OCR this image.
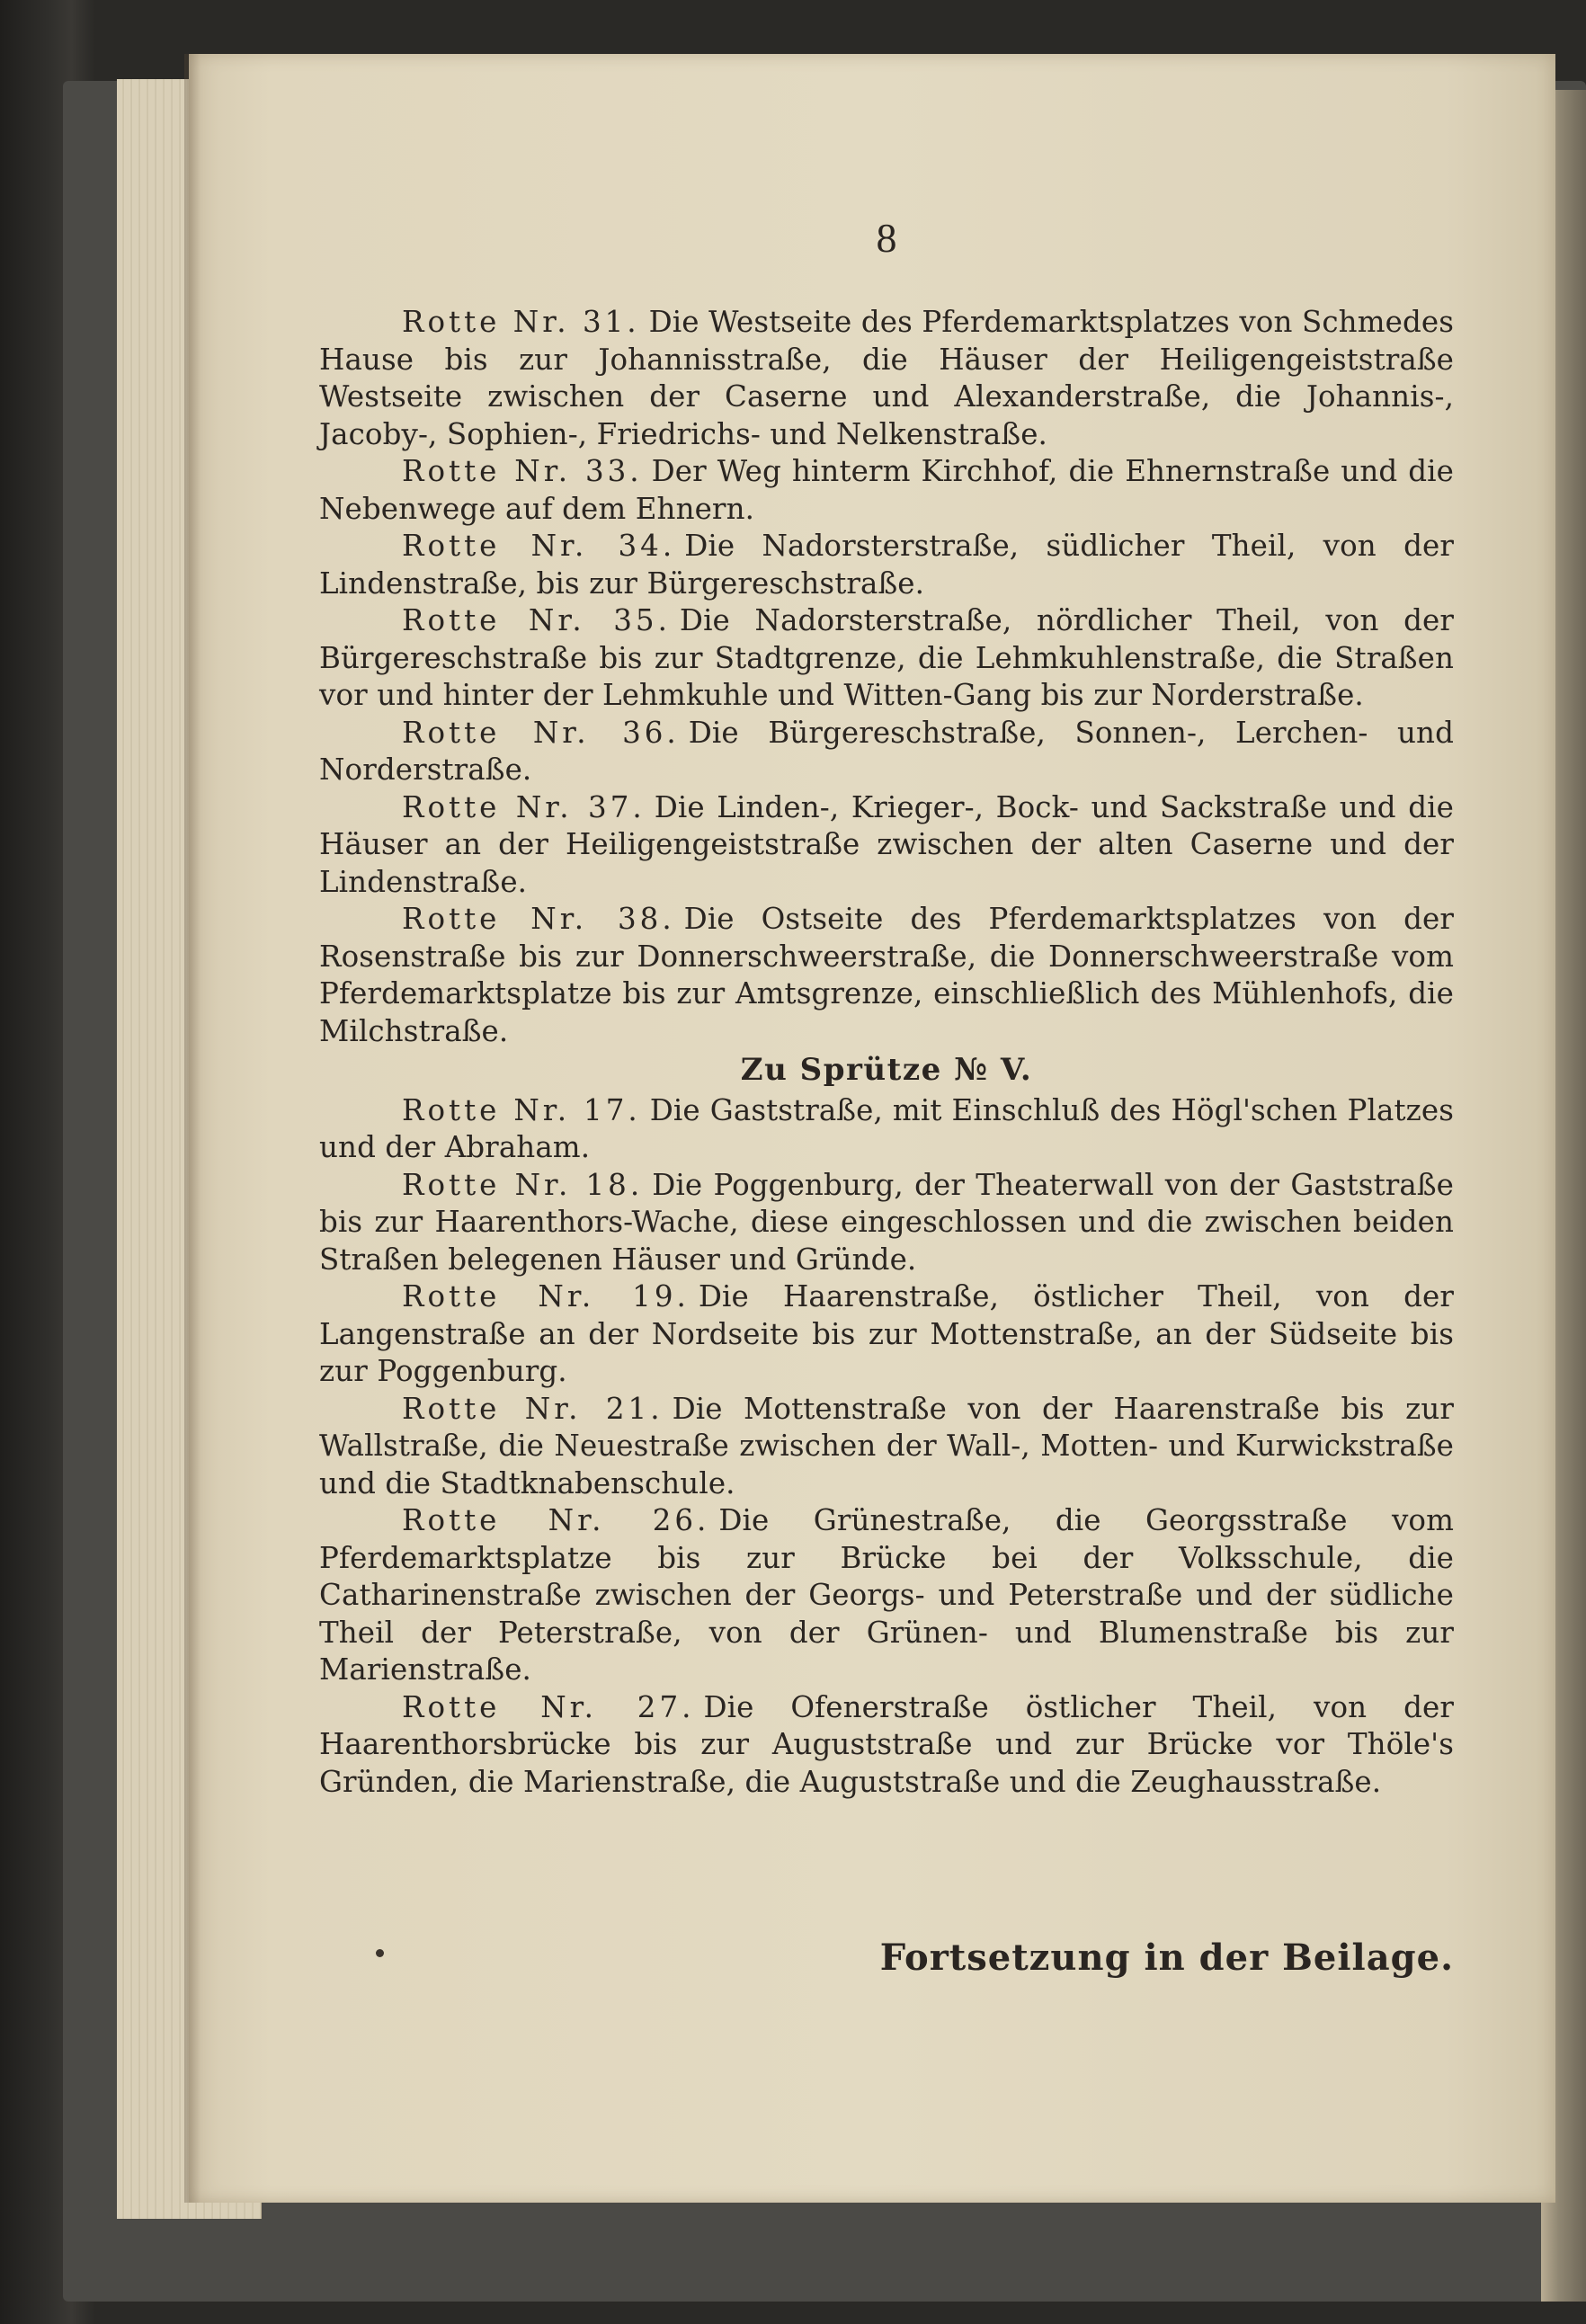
8

Rotte Nr. 31. Die Westseite des Pferdemarktsplatzes von Schmedes Hause bis zur Johannisstraße, die Häuser der Heiligengeiststraße Westseite zwischen der Caserne und Alexanderstraße, die Johannis-, Jacoby-, Sophien-, Friedrichs- und Nelkenstraße.

Rotte Nr. 33. Der Weg hinterm Kirchhof, die Ehnernstraße und die Nebenwege auf dem Ehnern.

Rotte Nr. 34. Die Nadorsterstraße, südlicher Theil, von der Lindenstraße, bis zur Bürgereschstraße.

Rotte Nr. 35. Die Nadorsterstraße, nördlicher Theil, von der Bürgereschstraße bis zur Stadtgrenze, die Lehmkuhlenstraße, die Straßen vor und hinter der Lehmkuhle und Witten-Gang bis zur Norderstraße.

Rotte Nr. 36. Die Bürgereschstraße, Sonnen-, Lerchen- und Norderstraße.

Rotte Nr. 37. Die Linden-, Krieger-, Bock- und Sackstraße und die Häuser an der Heiligengeiststraße zwischen der alten Caserne und der Lindenstraße.

Rotte Nr. 38. Die Ostseite des Pferdemarktsplatzes von der Rosenstraße bis zur Donnerschweerstraße, die Donnerschweerstraße vom Pferdemarktsplatze bis zur Amtsgrenze, einschließlich des Mühlenhofs, die Milchstraße.

Zu Sprütze № V.

Rotte Nr. 17. Die Gaststraße, mit Einschluß des Högl'schen Platzes und der Abraham.

Rotte Nr. 18. Die Poggenburg, der Theaterwall von der Gaststraße bis zur Haarenthors-Wache, diese eingeschlossen und die zwischen beiden Straßen belegenen Häuser und Gründe.

Rotte Nr. 19. Die Haarenstraße, östlicher Theil, von der Langenstraße an der Nordseite bis zur Mottenstraße, an der Südseite bis zur Poggenburg.

Rotte Nr. 21. Die Mottenstraße von der Haarenstraße bis zur Wallstraße, die Neuestraße zwischen der Wall-, Motten- und Kurwickstraße und die Stadtknabenschule.

Rotte Nr. 26. Die Grünestraße, die Georgsstraße vom Pferdemarktsplatze bis zur Brücke bei der Volksschule, die Catharinenstraße zwischen der Georgs- und Peterstraße und der südliche Theil der Peterstraße, von der Grünen- und Blumenstraße bis zur Marienstraße.

Rotte Nr. 27. Die Ofenerstraße östlicher Theil, von der Haarenthorsbrücke bis zur Auguststraße und zur Brücke vor Thöle's Gründen, die Marienstraße, die Auguststraße und die Zeughausstraße.

Fortsetzung in der Beilage.
